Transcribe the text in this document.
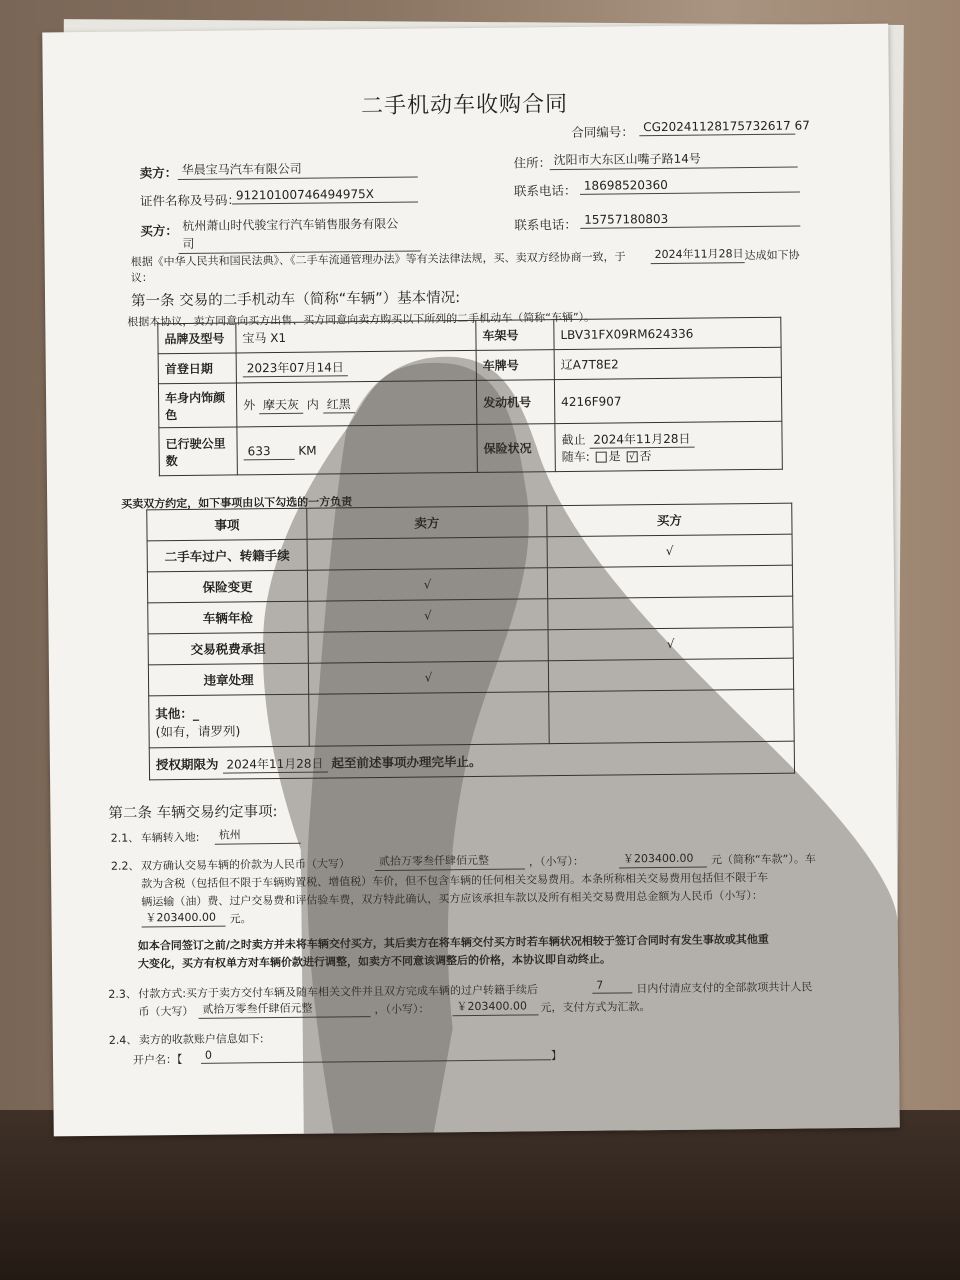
二手机动车收购合同
合同编号： CG20241128175732617 67
卖方： 华晨宝马汽车有限公司	住所： 沈阳市大东区山嘴子路14号
证件名称及号码：
91210100746494975X	联系电话： 18698520360
买方： 杭州萧山时代骏宝行汽车销售服务有限公
司
联系电话： 15757180803
根据《中华人民共和国民法典》、《二手车流通管理办法》等有关法律法规，买、卖双方经协商一致，于	2024年11月28日 达成如下协
议：
第一条 交易的二手机动车（简称“车辆”）基本情况:
根据本协议，卖方同意向买方出售、买方同意向卖方购买以下所列的二手机动车（简称“车辆”）。
品牌及型号	宝马 X1	车架号	LBV31FX09RM624336
首登日期	2023年07月14日	车牌号	辽A7T8E2
车身内饰颜色	外 摩天灰 内 红黑	发动机号	4216F907
已行驶公里数	633 KM	保险状况	截止 2024年11月28日
随车: 是 √ 否
买卖双方约定，如下事项由以下勾选的一方负责
事项	卖方	买方
二手车过户、转籍手续		√
保险变更	√	
车辆年检	√	
交易税费承担		√
违章处理	√	

其他：_
(如有，请罗列)		

授权期限为 2024年11月28日 起至前述事项办理完毕止。		
第二条 车辆交易约定事项:
2.1、 车辆转入地:	杭州
2.2、 双方确认交易车辆的价款为人民币（大写）	贰拾万零叁仟肆佰元整	，（小写）：	￥203400.00	元（简称“车款”）。车
款为含税（包括但不限于车辆购置税、增值税）车价，但不包含车辆的任何相关交易费用。本条所称相关交易费用包括但不限于车
辆运输（油）费、过户交易费和评估验车费，双方特此确认，买方应该承担车款以及所有相关交易费用总金额为人民币（小写）：
￥203400.00	元。
如本合同签订之前/之时卖方并未将车辆交付买方，其后卖方在将车辆交付买方时若车辆状况相较于签订合同时有发生事故或其他重
大变化，买方有权单方对车辆价款进行调整，如卖方不同意该调整后的价格，本协议即自动终止。
2.3、 付款方式:买方于卖方交付车辆及随车相关文件并且双方完成车辆的过户转籍手续后	7	日内付清应支付的全部款项共计人民
币（大写） 贰拾万零叁仟肆佰元整	，（小写）：	￥203400.00	元，支付方式为汇款。
2.4、 卖方的收款账户信息如下:
开户名：【	0	】
